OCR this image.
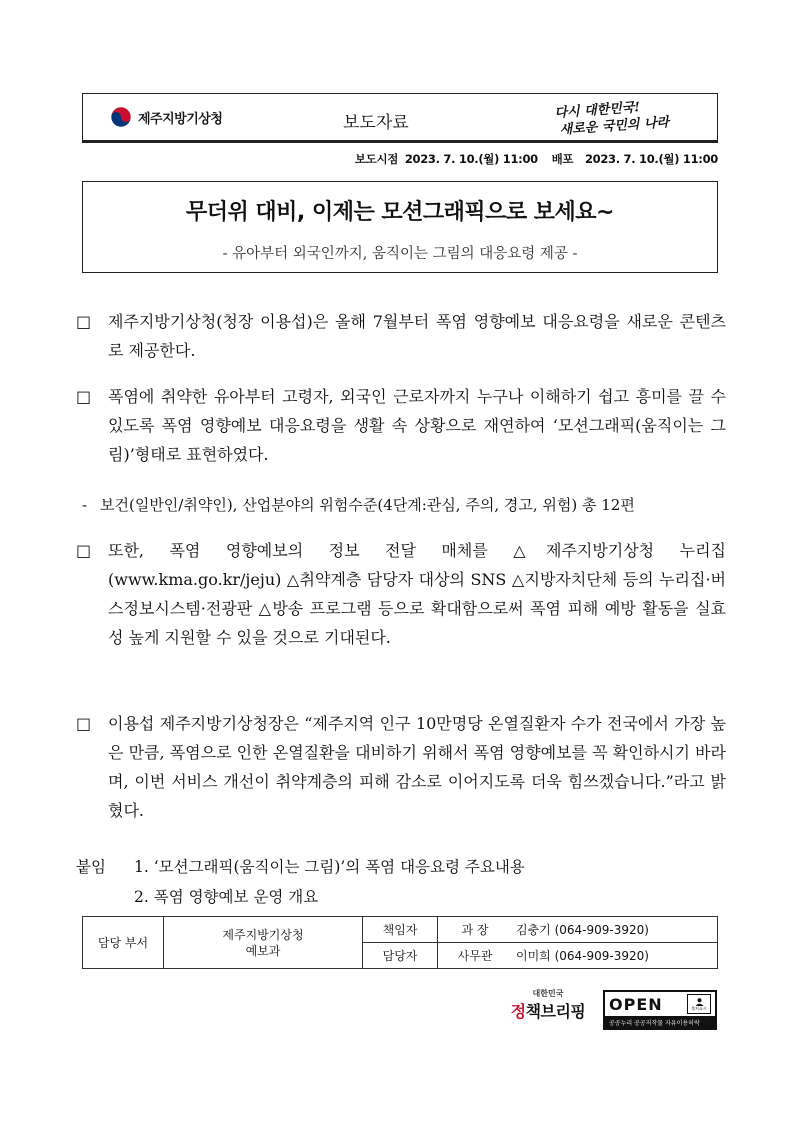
제주지방기상청	보도자료
다시 대한민국!
새로운 국민의 나라
보도시점 2023. 7. 10.(월) 11:00 배포 2023. 7. 10.(월) 11:00
무더위 대비, 이제는 모션그래픽으로 보세요~
- 유아부터 외국인까지, 움직이는 그림의 대응요령 제공 -
□	제주지방기상청(청장 이용섭)은 올해 7월부터 폭염 영향예보 대응요령을 새로운 콘텐츠로 제공한다.
□	폭염에 취약한 유아부터 고령자, 외국인 근로자까지 누구나 이해하기 쉽고 흥미를 끌 수 있도록 폭염 영향예보 대응요령을 생활 속 상황으로 재연하여 ‘모션그래픽(움직이는 그림)’형태로 표현하였다.
- 보건(일반인/취약인), 산업분야의 위험수준(4단계:관심, 주의, 경고, 위험) 총 12편
□	또한, 폭염 영향예보의 정보 전달 매체를 △제주지방기상청 누리집(www.kma.go.kr/jeju) △취약계층 담당자 대상의 SNS △지방자치단체 등의 누리집·버스정보시스템·전광판 △방송 프로그램 등으로 확대함으로써 폭염 피해 예방 활동을 실효성 높게 지원할 수 있을 것으로 기대된다.
□	이용섭 제주지방기상청장은 “제주지역 인구 10만명당 온열질환자 수가 전국에서 가장 높은 만큼, 폭염으로 인한 온열질환을 대비하기 위해서 폭염 영향예보를 꼭 확인하시기 바라며, 이번 서비스 개선이 취약계층의 피해 감소로 이어지도록 더욱 힘쓰겠습니다.”라고 밝혔다.
붙임	1. ‘모션그래픽(움직이는 그림)’의 폭염 대응요령 주요내용
2. 폭염 영향예보 운영 개요
담당 부서	제주지방기상청
예보과	책임자	과 장	김충기 (064-909-3920)
		담당자	사무관	이미희 (064-909-3920)
대한민국
정책브리핑	OPEN	출처표시
공공누리 공공저작물 자유이용허락
